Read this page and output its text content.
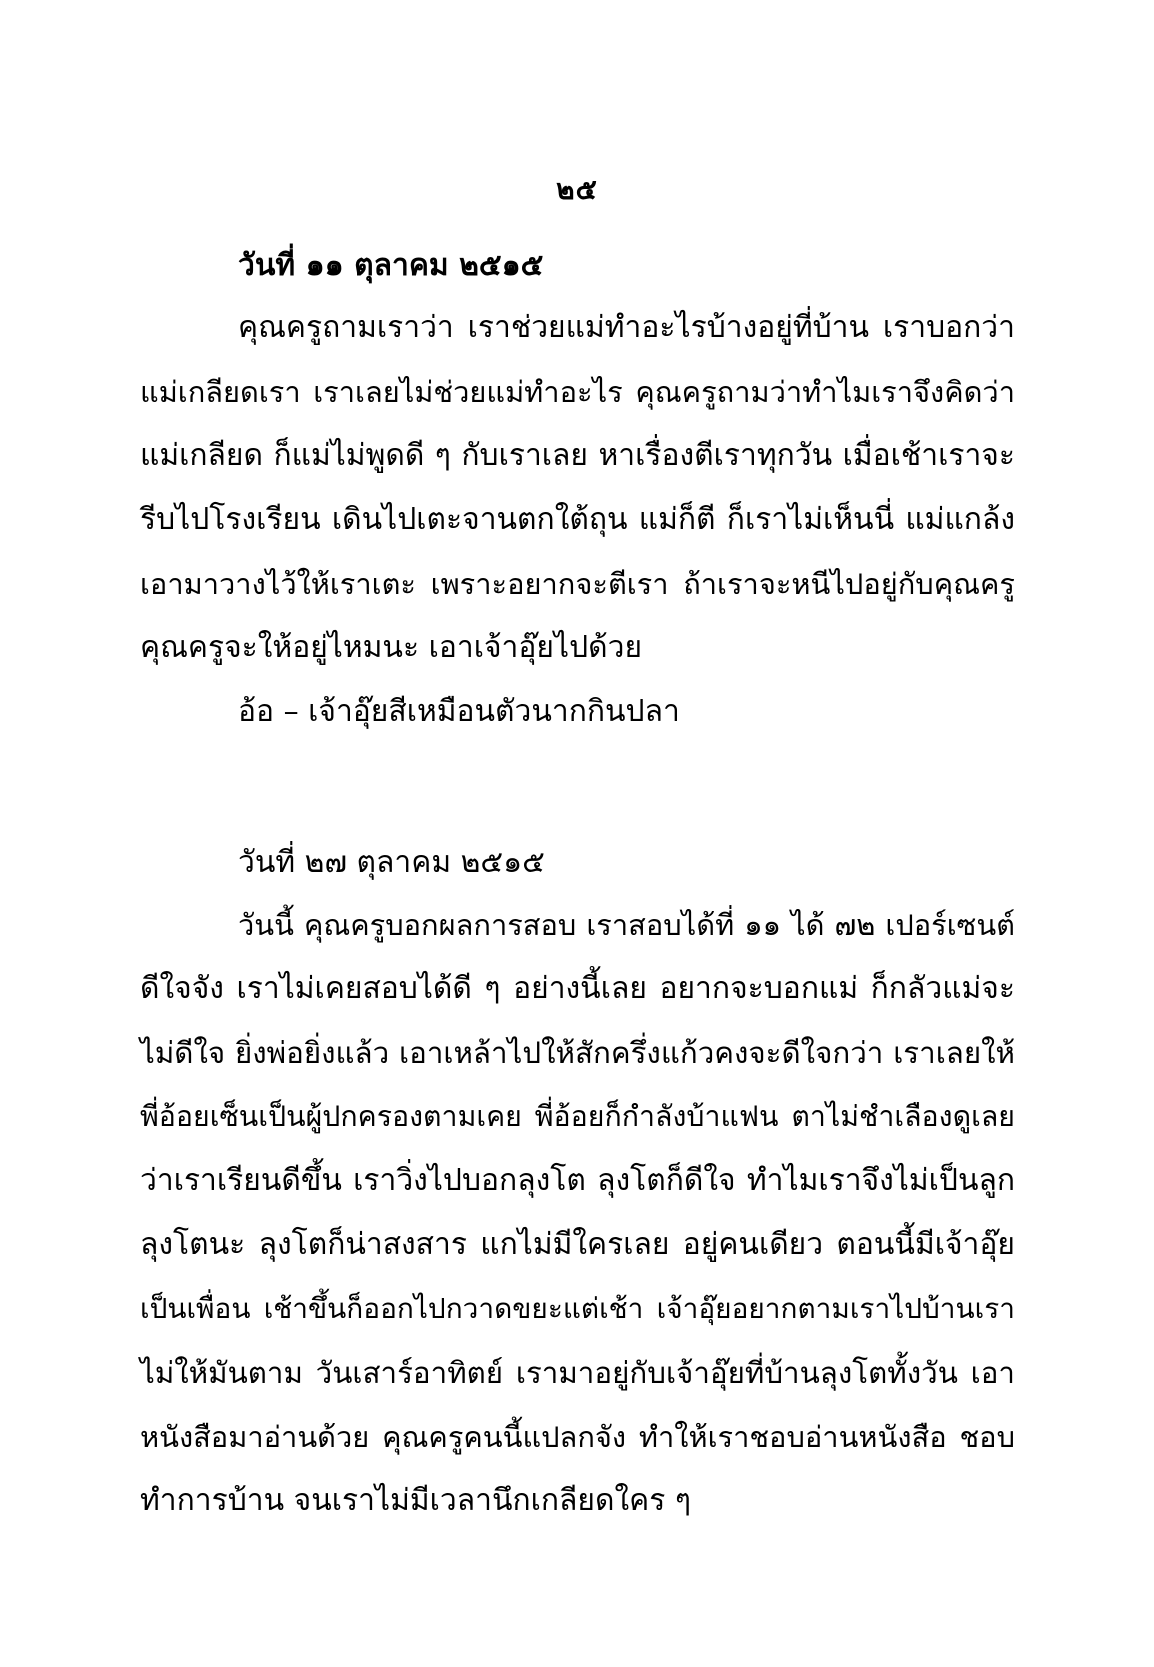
๒๕

วันที่ ๑๑ ตุลาคม ๒๕๑๕

คุณครูถามเราว่า เราช่วยแม่ทำอะไรบ้างอยู่ที่บ้าน เราบอกว่า

แม่เกลียดเรา เราเลยไม่ช่วยแม่ทำอะไร คุณครูถามว่าทำไมเราจึงคิดว่า

แม่เกลียด ก็แม่ไม่พูดดี ๆ กับเราเลย หาเรื่องตีเราทุกวัน เมื่อเช้าเราจะ

รีบไปโรงเรียน เดินไปเตะจานตกใต้ถุน แม่ก็ตี ก็เราไม่เห็นนี่ แม่แกล้ง

เอามาวางไว้ให้เราเตะ เพราะอยากจะตีเรา ถ้าเราจะหนีไปอยู่กับคุณครู

คุณครูจะให้อยู่ไหมนะ เอาเจ้าอุ๊ยไปด้วย

อ้อ – เจ้าอุ๊ยสีเหมือนตัวนากกินปลา

วันที่ ๒๗ ตุลาคม ๒๕๑๕

วันนี้ คุณครูบอกผลการสอบ เราสอบได้ที่ ๑๑ ได้ ๗๒ เปอร์เซนต์

ดีใจจัง เราไม่เคยสอบได้ดี ๆ อย่างนี้เลย อยากจะบอกแม่ ก็กลัวแม่จะ

ไม่ดีใจ ยิ่งพ่อยิ่งแล้ว เอาเหล้าไปให้สักครึ่งแก้วคงจะดีใจกว่า เราเลยให้

พี่อ้อยเซ็นเป็นผู้ปกครองตามเคย พี่อ้อยก็กำลังบ้าแฟน ตาไม่ชำเลืองดูเลย

ว่าเราเรียนดีขึ้น เราวิ่งไปบอกลุงโต ลุงโตก็ดีใจ ทำไมเราจึงไม่เป็นลูก

ลุงโตนะ ลุงโตก็น่าสงสาร แกไม่มีใครเลย อยู่คนเดียว ตอนนี้มีเจ้าอุ๊ย

เป็นเพื่อน เช้าขึ้นก็ออกไปกวาดขยะแต่เช้า เจ้าอุ๊ยอยากตามเราไปบ้านเรา

ไม่ให้มันตาม วันเสาร์อาทิตย์ เรามาอยู่กับเจ้าอุ๊ยที่บ้านลุงโตทั้งวัน เอา

หนังสือมาอ่านด้วย คุณครูคนนี้แปลกจัง ทำให้เราชอบอ่านหนังสือ ชอบ

ทำการบ้าน จนเราไม่มีเวลานึกเกลียดใคร ๆ
